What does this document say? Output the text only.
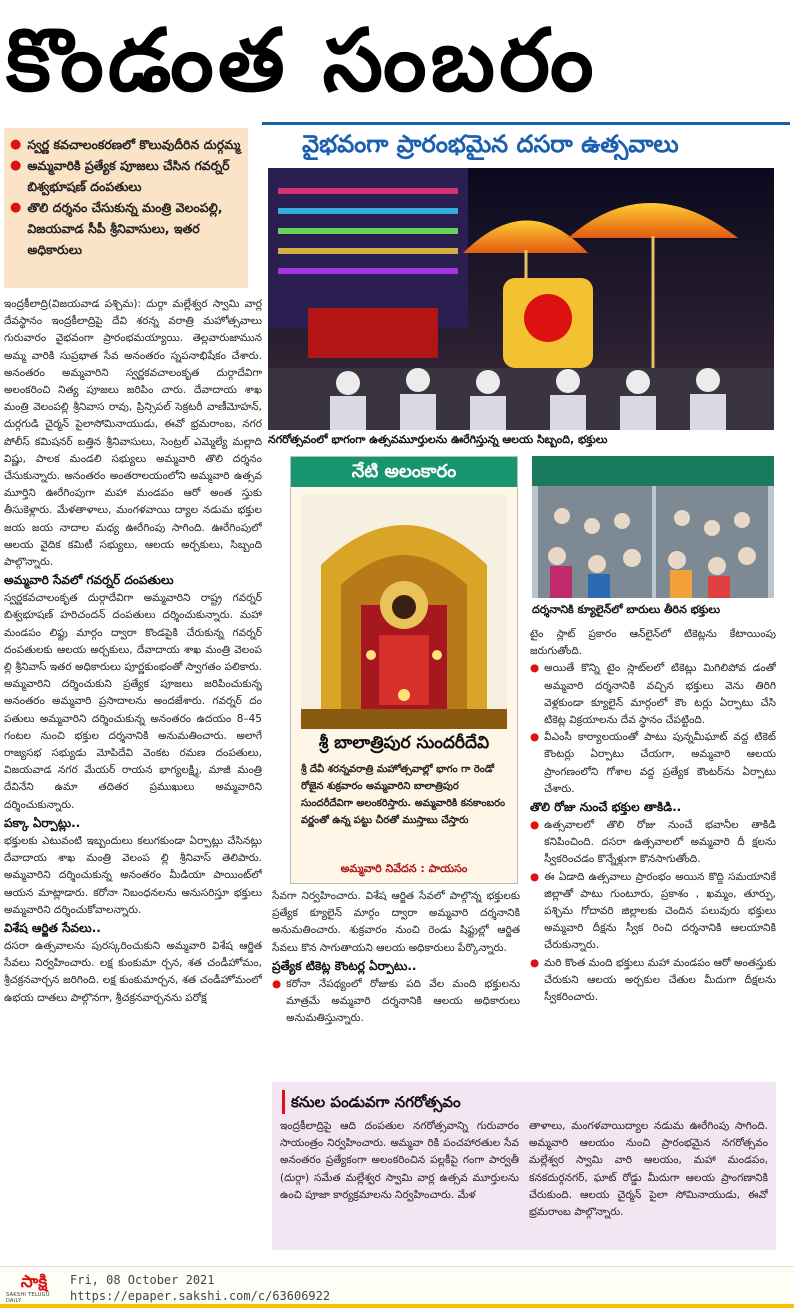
కొండంత సంబరం
● స్వర్ణ కవచాలంకరణలో కొలువుదీరిన దుర్గమ్మ
● అమ్మవారికి ప్రత్యేక పూజలు చేసిన గవర్నర్ బిశ్వభూషణ్ దంపతులు
● తొలి దర్శనం చేసుకున్న మంత్రి వెలంపల్లి, విజయవాడ సీపీ శ్రీనివాసులు, ఇతర అధికారులు
వైభవంగా ప్రారంభమైన దసరా ఉత్సవాలు
నగరోత్సవంలో భాగంగా ఉత్సవమూర్తులను ఊరేగిస్తున్న ఆలయ సిబ్బంది, భక్తులు

ఇంద్రకీలాద్రి(విజయవాడ పశ్చిమ): దుర్గా మల్లేశ్వర స్వామి వార్ల దేవస్థానం ఇంద్రకీలాద్రిపై దేవి శరన్న వరాత్రి మహోత్సవాలు గురువారం వైభవంగా ప్రారంభమయ్యాయి. తెల్లవారుజామున అమ్మ వారికి సుప్రభాత సేవ అనంతరం స్నపనాభిషేకం చేశారు. అనంతరం అమ్మవారిని స్వర్ణకవచాలంకృత దుర్గాదేవిగా అలంకరించి నిత్య పూజలు జరిపిం చారు. దేవాదాయ శాఖ మంత్రి వెలంపల్లి శ్రీనివాస రావు, ప్రిన్సిపల్ సెక్రటరీ వాణీమోహన్, దుర్గగుడి చైర్మన్ పైలాసోమినాయుడు, ఈవో భ్రమరాంబ, నగర పోలీస్ కమిషనర్ బత్తిన శ్రీనివాసులు, సెంట్రల్ ఎమ్మెల్యే మల్లాది విష్ణు, పాలక మండలి సభ్యులు అమ్మవారి తొలి దర్శనం చేసుకున్నారు. అనంతరం అంతరాలయంలోని అమ్మవారి ఉత్సవ మూర్తిని ఊరేగింపుగా మహా మండపం ఆరో అంత స్తుకు తీసుకెళ్లారు. మేళతాళాలు, మంగళవాయి ద్యాల నడుమ భక్తుల జయ జయ నాదాల మధ్య ఊరేగింపు సాగింది. ఊరేగింపులో ఆలయ వైదిక కమిటీ సభ్యులు, ఆలయ అర్చకులు, సిబ్బంది పాల్గొన్నారు.

అమ్మవారి సేవలో గవర్నర్ దంపతులు

స్వర్ణకవచాలంకృత దుర్గాదేవిగా అమ్మవారిని రాష్ట్ర గవర్నర్ బిశ్వభూషణ్ హరిచందన్ దంపతులు దర్శించుకున్నారు. మహా మండపం లిఫ్టు మార్గం ద్వారా కొండపైకి చేరుకున్న గవర్నర్ దంపతులకు ఆలయ అర్చకులు, దేవాదాయ శాఖ మంత్రి వెలంప ల్లి శ్రీనివాస్ ఇతర అధికారులు పూర్ణకుంభంతో స్వాగతం పలికారు. అమ్మవారిని దర్శించుకుని ప్రత్యేక పూజలు జరిపించుకున్న అనంతరం అమ్మవారి ప్రసాదాలను అందజేశారు. గవర్నర్ దం పతులు అమ్మవారిని దర్శించుకున్న అనంతరం ఉదయం 8–45 గంటల నుంచి భక్తుల దర్శనానికి అనుమతించారు. అలాగే రాజ్యసభ సభ్యుడు మోపిదేవి వెంకట రమణ దంపతులు, విజయవాడ నగర మేయర్ రాయన భాగ్యలక్ష్మి, మాజీ మంత్రి దేవినేని ఉమా తదితర ప్రముఖులు అమ్మవారిని దర్శించుకున్నారు.

పక్కా ఏర్పాట్లు..

భక్తులకు ఎటువంటి ఇబ్బందులు కలుగకుండా ఏర్పాట్లు చేసినట్లు దేవాదాయ శాఖ మంత్రి వెలంప ల్లి శ్రీనివాస్ తెలిపారు. అమ్మవారిని దర్శించుకున్న అనంతరం మీడియా పాయింట్‌లో ఆయన మాట్లాడారు. కరోనా నిబంధనలను అనుసరిస్తూ భక్తులు అమ్మవారిని దర్శించుకోవాలన్నారు.

విశేష ఆర్జిత సేవలు..

దసరా ఉత్సవాలను పురస్కరించుకుని అమ్మవారి విశేష ఆర్జిత సేవలు నిర్వహించారు. లక్ష కుంకుమా ర్చన, శత చండీహోమం, శ్రీచక్రనవార్చన జరిగింది. లక్ష కుంకుమార్చన, శత చండీహోమంలో ఉభయ దాతలు పాల్గొనగా, శ్రీచక్రనవార్చనను పరోక్ష

నేటి అలంకారం
శ్రీ బాలాత్రిపుర సుందరీదేవి
శ్రీ దేవీ శరన్నవరాత్రి మహోత్సవాల్లో భాగం గా రెండో రోజైన శుక్రవారం అమ్మవారిని బాలాత్రిపుర సుందరీదేవిగా అలంకరిస్తారు. అమ్మవారికి కనకాంబరం వర్ణంతో ఉన్న పట్టు చీరతో ముస్తాబు చేస్తారు
అమ్మవారి నివేదన : పాయసం
దర్శనానికి క్యూలైన్‌లో బారులు తీరిన భక్తులు

సేవగా నిర్వహించారు. విశేష ఆర్జిత సేవలో పాల్గొన్న భక్తులకు ప్రత్యేక క్యూలైన్ మార్గం ద్వారా అమ్మవారి దర్శనానికి అనుమతించారు. శుక్రవారం నుంచి రెండు షిఫ్టుల్లో ఆర్జిత సేవలు కొన సాగుతాయని ఆలయ అధికారులు పేర్కొన్నారు.

ప్రత్యేక టికెట్ల కౌంటర్ల ఏర్పాటు..
● కరోనా నేపథ్యంలో రోజుకు పది వేల మంది భక్తులను మాత్రమే అమ్మవారి దర్శనానికి ఆలయ అధికారులు అనుమతిస్తున్నారు.

టైం స్లాట్ ప్రకారం ఆన్‌లైన్‌లో టికెట్లను కేటాయింపు జరుగుతోంది.

● అయితే కొన్ని టైం స్లాట్‌లలో టికెట్లు మిగిలిపోవ డంతో అమ్మవారి దర్శనానికి వచ్చిన భక్తులు వెను తిరిగి వెళ్లకుండా క్యూలైన్ మార్గంలో కౌం టర్లు ఏర్పాటు చేసి టికెట్ల విక్రయాలను దేవ స్థానం చేపట్టింది.
● వీఎంసీ కార్యాలయంతో పాటు పున్నమీఘాట్ వద్ద టికెట్ కౌంటర్లు ఏర్పాటు చేయగా, అమ్మవారి ఆలయ ప్రాంగణంలోని గోశాల వద్ద ప్రత్యేక కౌంటర్‌ను ఏర్పాటు చేశారు.
తొలి రోజు నుంచే భక్తుల తాకిడి..
● ఉత్సవాలలో తొలి రోజు నుంచే భవానీల తాకిడి కనిపించింది. దసరా ఉత్సవాలలో అమ్మవారి దీ క్షలను స్వీకరించడం కొన్నేళ్లుగా కొనసాగుతోంది.
● ఈ ఏడాది ఉత్సవాలు ప్రారంభం అయిన కొద్ది సమయానికే జిల్లాతో పాటు గుంటూరు, ప్రకాశం , ఖమ్మం, తూర్పు, పశ్చిమ గోదావరి జిల్లాలకు చెందిన పలువురు భక్తులు అమ్మవారి దీక్షను స్వీక రించి దర్శనానికి ఆలయానికి చేరుకున్నారు.
● మరి కొంత మంది భక్తులు మహా మండపం ఆరో అంతస్తుకు చేరుకుని ఆలయ అర్చకుల చేతుల మీదుగా దీక్షలను స్వీకరించారు.
కనుల పండువగా నగరోత్సవం
ఇంద్రకీలాద్రిపై ఆది దంపతుల నగరోత్సవాన్ని గురువారం సాయంత్రం నిర్వహించారు. అమ్మవా రికి పంచహారతుల సేవ అనంతరం ప్రత్యేకంగా అలంకరించిన పల్లకీపై గంగా పార్వతీ (దుర్గా) సమేత మల్లేశ్వర స్వామి వార్ల ఉత్సవ మూర్తులను ఉంచి పూజా కార్యక్రమాలను నిర్వహించారు. మేళ
తాళాలు, మంగళవాయిద్యాల నడుమ ఊరేగింపు సాగింది. అమ్మవారి ఆలయం నుంచి ప్రారంభమైన నగరోత్సవం మల్లేశ్వర స్వామి వారి ఆలయం, మహా మండపం, కనకదుర్గనగర్, ఘాట్ రోడ్డు మీదుగా ఆలయ ప్రాంగణానికి చేరుకుంది. ఆలయ చైర్మన్ పైలా సోమినాయుడు, ఈవో భ్రమరాంబ పాల్గొన్నారు.
సాక్షి
SAKSHI TELUGU DAILY
Fri, 08 October 2021
https://epaper.sakshi.com/c/63606922
